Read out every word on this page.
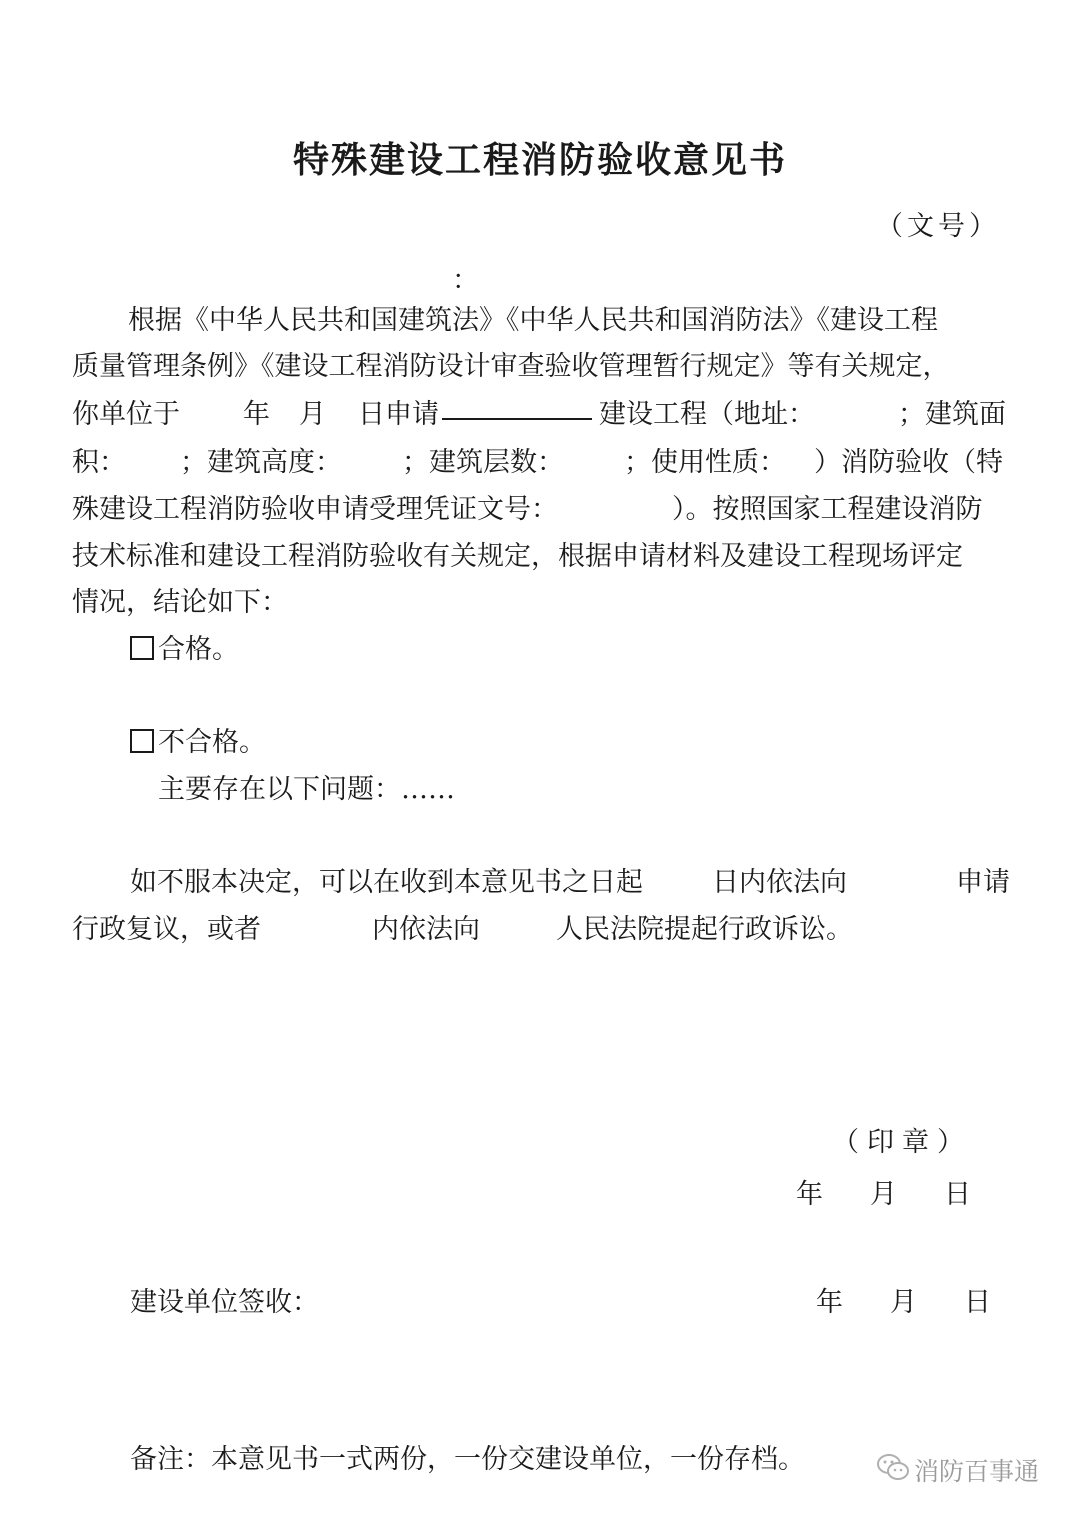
特殊建设工程消防验收意见书
（文号）
：
根据《中华人民共和国建筑法》《中华人民共和国消防法》《建设工程
质量管理条例》《建设工程消防设计审查验收管理暂行规定》等有关规定，
你单位于 年 月 日申请	建设工程（地址：	；建筑面
积： ；建筑高度： ；建筑层数： ；使用性质： ）消防验收（特
殊建设工程消防验收申请受理凭证文号：	）。按照国家工程建设消防
技术标准和建设工程消防验收有关规定，根据申请材料及建设工程现场评定
情况，结论如下：
合格。
不合格。
主要存在以下问题：……
如不服本决定，可以在收到本意见书之日起	日内依法向	申请
行政复议，或者	内依法向	人民法院提起行政诉讼。
（印章）
年 月 日
建设单位签收：	年 月 日
备注：本意见书一式两份，一份交建设单位，一份存档。	消防百事通
